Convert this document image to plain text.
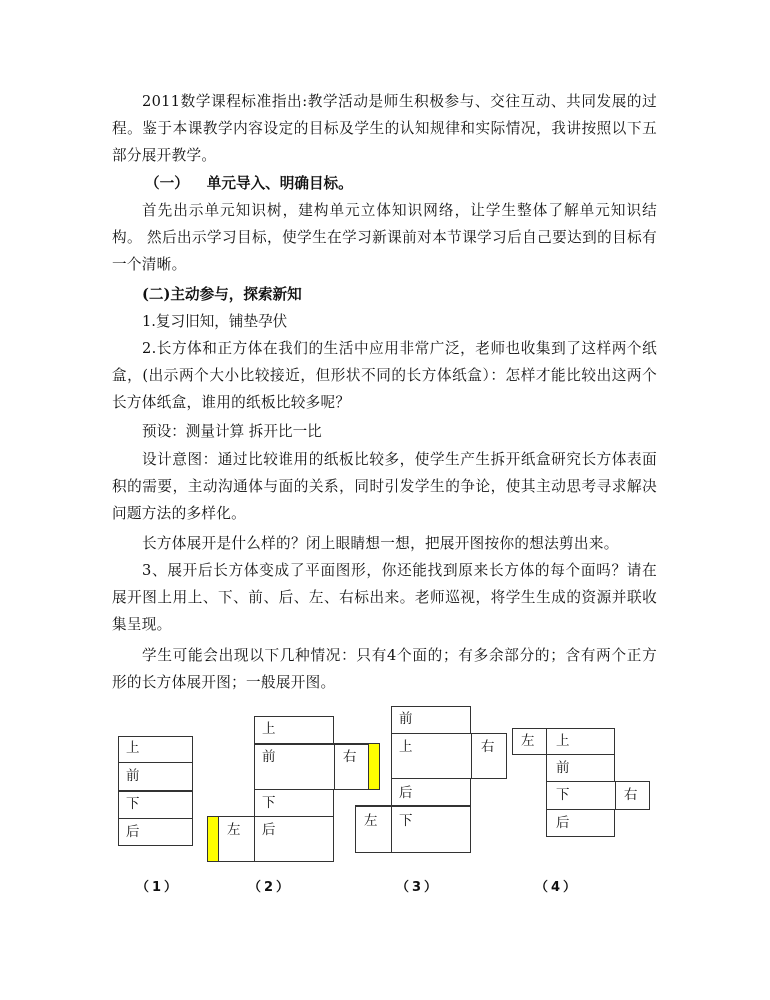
2011数学课程标准指出:教学活动是师生积极参与、交往互动、共同发展的过程。鉴于本课教学内容设定的目标及学生的认知规律和实际情况，我讲按照以下五部分展开教学。

（一） 单元导入、明确目标。

首先出示单元知识树，建构单元立体知识网络，让学生整体了解单元知识结构。 然后出示学习目标，使学生在学习新课前对本节课学习后自己要达到的目标有一个清晰。

(二)主动参与，探索新知

1.复习旧知，铺垫孕伏

2.长方体和正方体在我们的生活中应用非常广泛，老师也收集到了这样两个纸盒，(出示两个大小比较接近，但形状不同的长方体纸盒）：怎样才能比较出这两个长方体纸盒，谁用的纸板比较多呢？

预设：测量计算 拆开比一比

设计意图：通过比较谁用的纸板比较多，使学生产生拆开纸盒研究长方体表面积的需要，主动沟通体与面的关系，同时引发学生的争论，使其主动思考寻求解决问题方法的多样化。

长方体展开是什么样的？闭上眼睛想一想，把展开图按你的想法剪出来。

3、展开后长方体变成了平面图形，你还能找到原来长方体的每个面吗？请在展开图上用上、下、前、后、左、右标出来。老师巡视，将学生生成的资源并联收集呈现。

学生可能会出现以下几种情况：只有4个面的；有多余部分的；含有两个正方形的长方体展开图；一般展开图。

上
前
下
后
（1）
上
前	右
下
左 后
（2）
前
上	右
后
左 下
（3）
左 上
前
下	右
后
（4）
